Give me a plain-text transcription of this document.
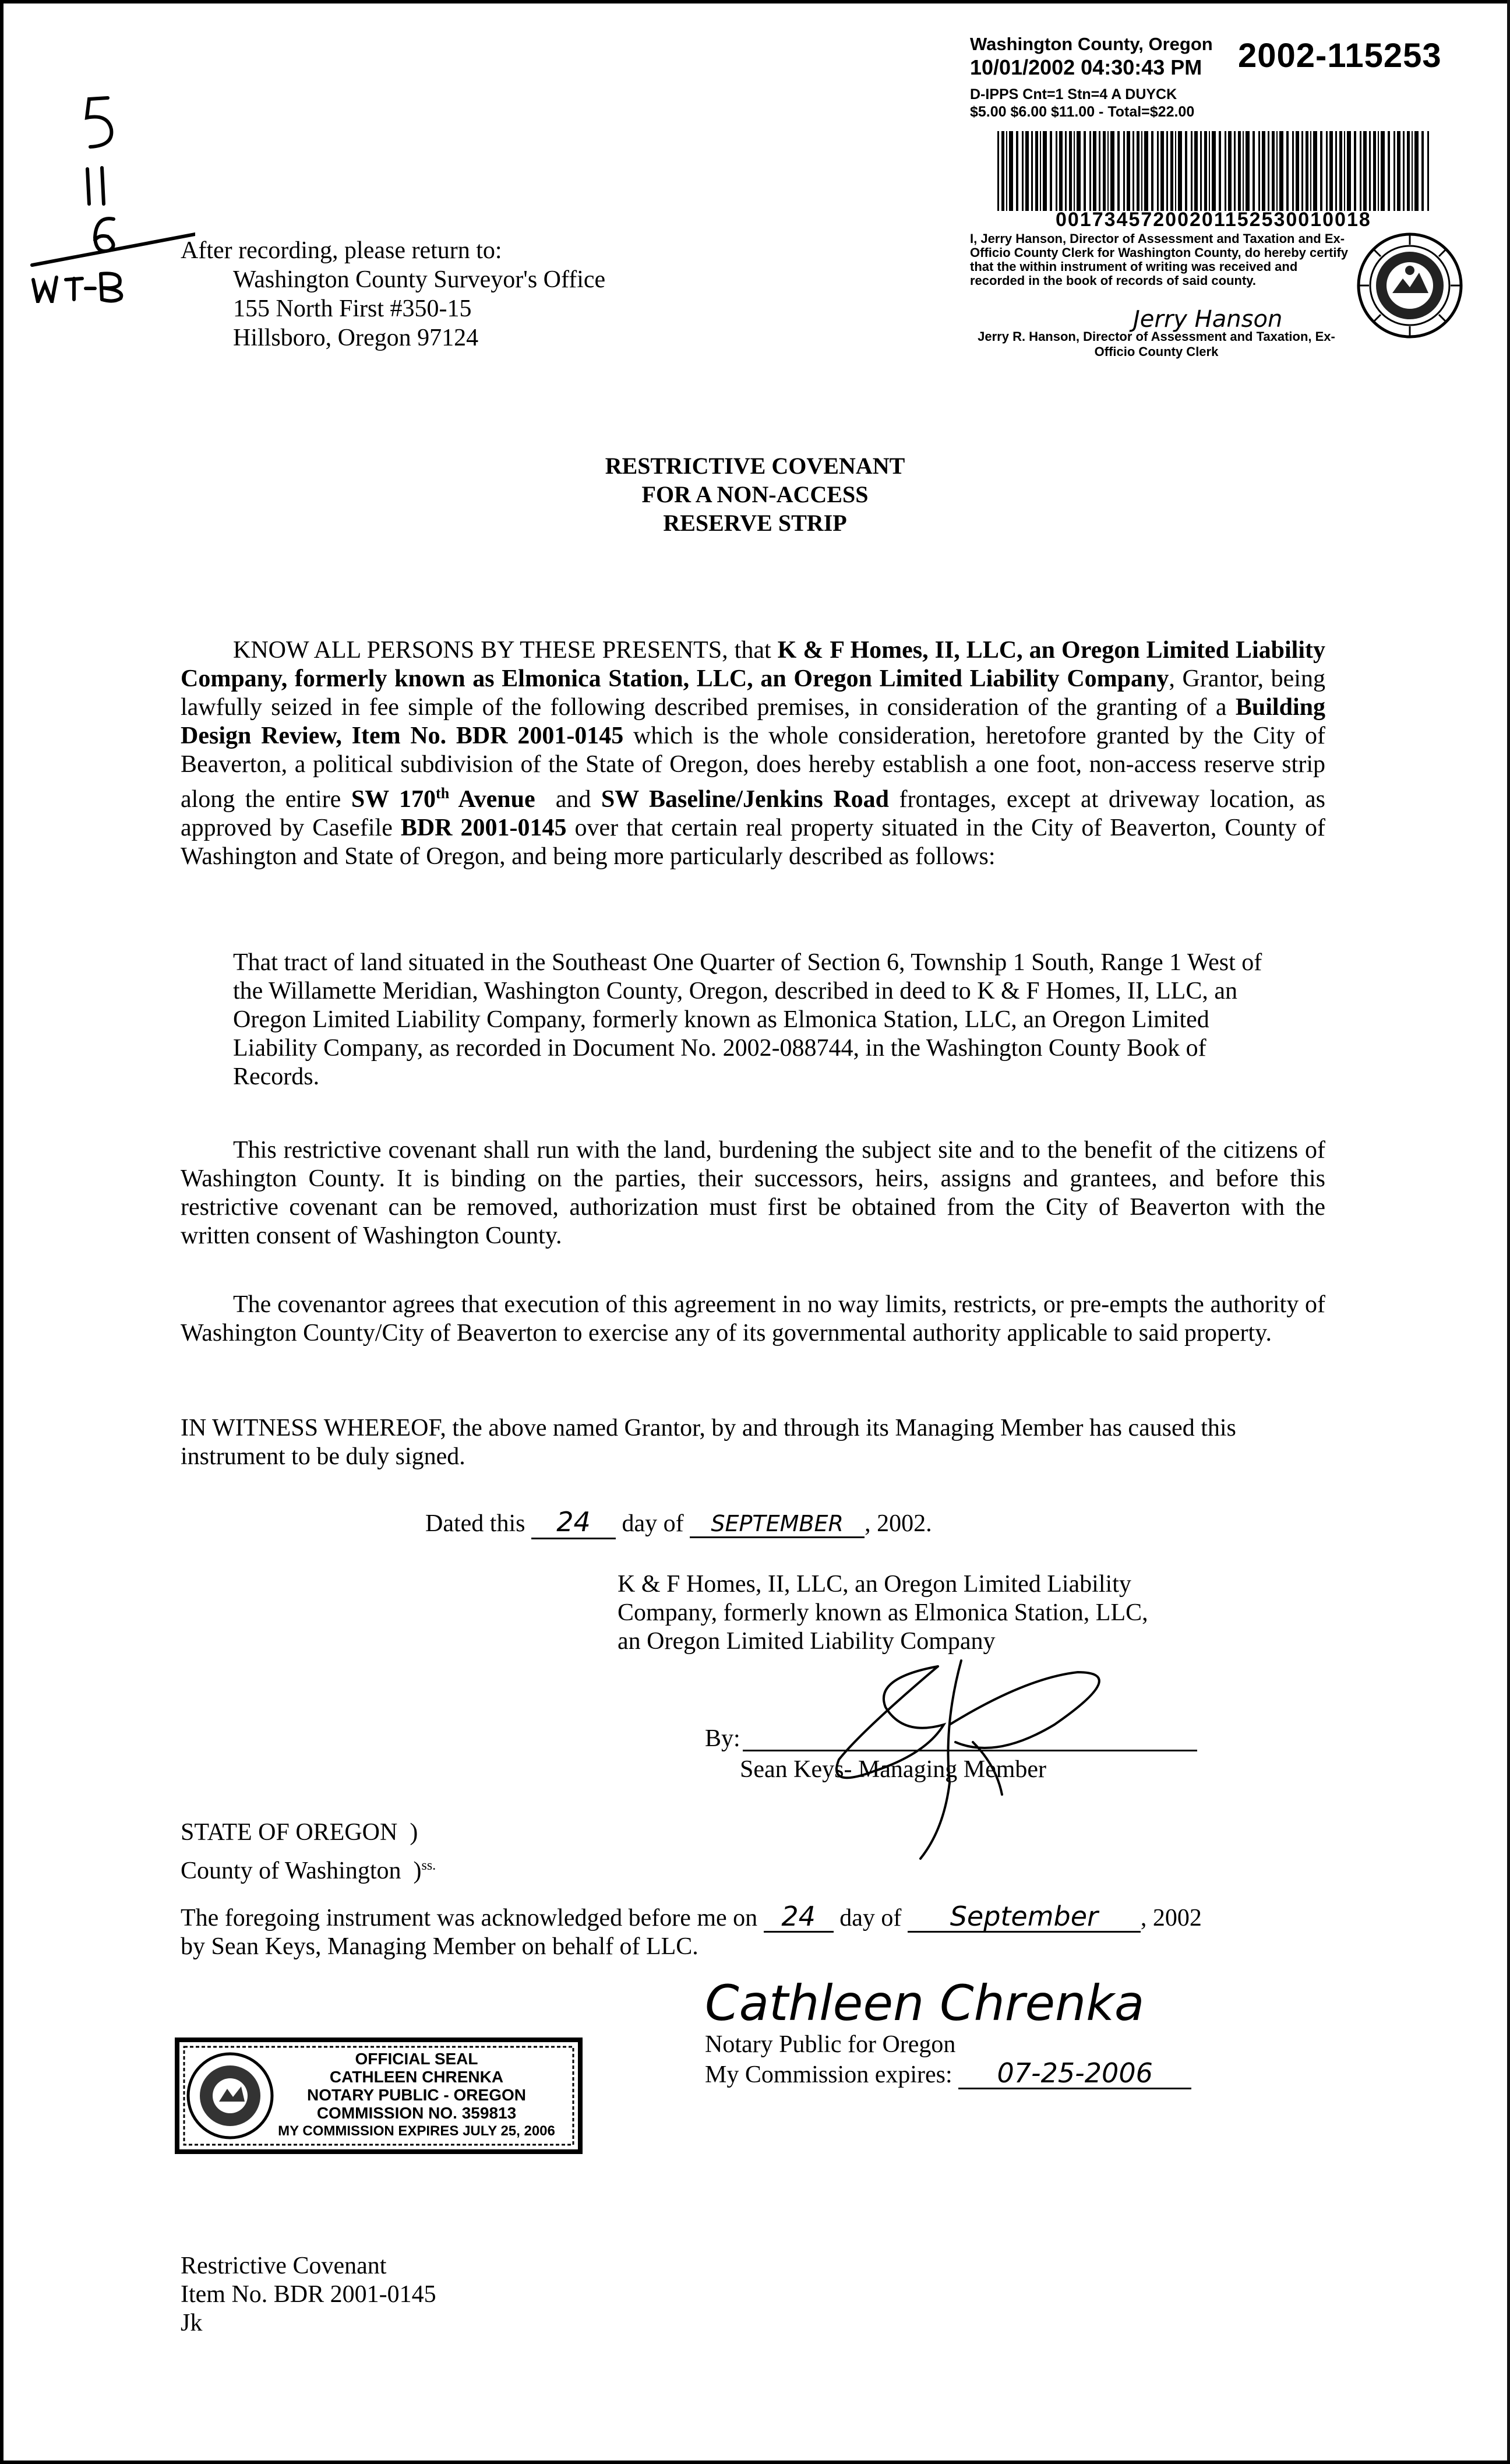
Washington County, Oregon
10/01/2002 04:30:43 PM
D-IPPS Cnt=1 Stn=4 A DUYCK
$5.00 $6.00 $11.00 - Total=$22.00
2002-115253
00173457200201152530010018
I, Jerry Hanson, Director of Assessment and Taxation and Ex-Officio County Clerk for Washington County, do hereby certify that the within instrument of writing was received and recorded in the book of records of said county.
Jerry Hanson
Jerry R. Hanson, Director of Assessment and Taxation, Ex-Officio County Clerk
After recording, please return to:
Washington County Surveyor's Office
155 North First #350-15
Hillsboro, Oregon 97124
RESTRICTIVE COVENANT
FOR A NON-ACCESS
RESERVE STRIP
KNOW ALL PERSONS BY THESE PRESENTS, that K & F Homes, II, LLC, an Oregon Limited Liability Company, formerly known as Elmonica Station, LLC, an Oregon Limited Liability Company, Grantor, being lawfully seized in fee simple of the following described premises, in consideration of the granting of a Building Design Review, Item No. BDR 2001-0145 which is the whole consideration, heretofore granted by the City of Beaverton, a political subdivision of the State of Oregon, does hereby establish a one foot, non-access reserve strip along the entire SW 170th Avenue  and SW Baseline/Jenkins Road frontages, except at driveway location, as approved by Casefile BDR 2001-0145 over that certain real property situated in the City of Beaverton, County of Washington and State of Oregon, and being more particularly described as follows:
That tract of land situated in the Southeast One Quarter of Section 6, Township 1 South, Range 1 West of the Willamette Meridian, Washington County, Oregon, described in deed to K & F Homes, II, LLC, an Oregon Limited Liability Company, formerly known as Elmonica Station, LLC, an Oregon Limited Liability Company, as recorded in Document No. 2002-088744, in the Washington County Book of Records.
This restrictive covenant shall run with the land, burdening the subject site and to the benefit of the citizens of Washington County. It is binding on the parties, their successors, heirs, assigns and grantees, and before this restrictive covenant can be removed, authorization must first be obtained from the City of Beaverton with the written consent of Washington County.
The covenantor agrees that execution of this agreement in no way limits, restricts, or pre-empts the authority of Washington County/City of Beaverton to exercise any of its governmental authority applicable to said property.
IN WITNESS WHEREOF, the above named Grantor, by and through its Managing Member has caused this instrument to be duly signed.
Dated this 24 day of SEPTEMBER , 2002.
K & F Homes, II, LLC, an Oregon Limited Liability
Company, formerly known as Elmonica Station, LLC,
an Oregon Limited Liability Company
By:
Sean Keys- Managing Member
STATE OF OREGON  )
County of Washington  )$^{ss.}$
The foregoing instrument was acknowledged before me on 24 day of September , 2002
by Sean Keys, Managing Member on behalf of LLC.
Cathleen Chrenka
Notary Public for Oregon
My Commission expires: 07-25-2006
OFFICIAL SEAL
CATHLEEN CHRENKA
NOTARY PUBLIC - OREGON
COMMISSION NO. 359813
MY COMMISSION EXPIRES JULY 25, 2006
Restrictive Covenant
Item No. BDR 2001-0145
Jk
